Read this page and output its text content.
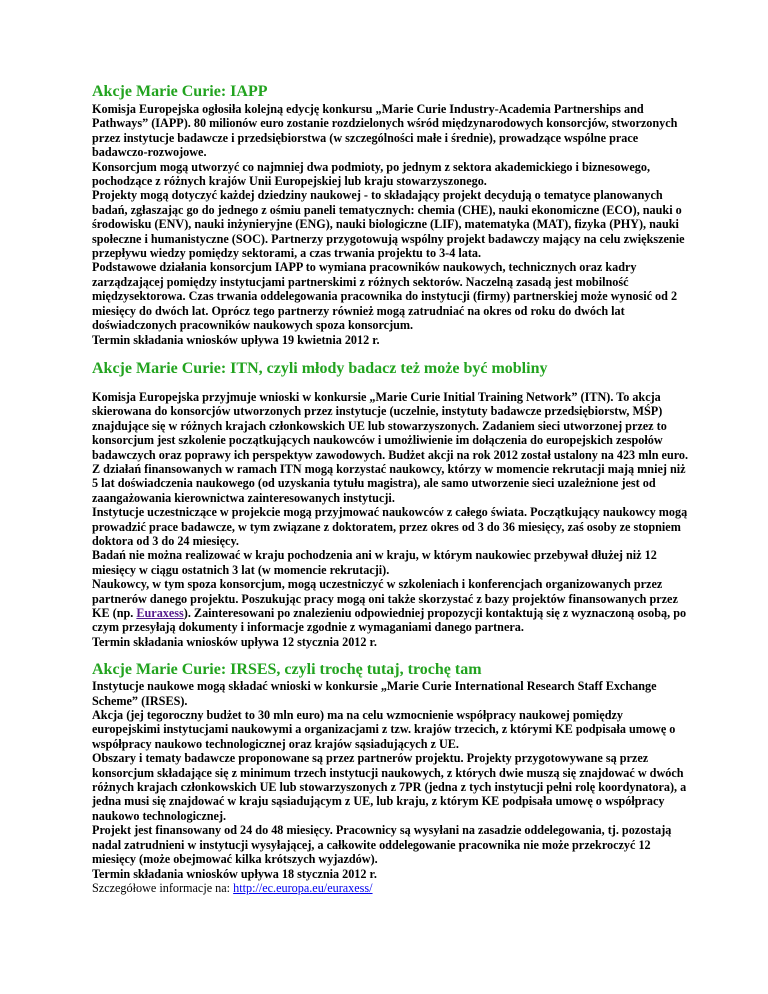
Akcje Marie Curie: IAPP

Komisja Europejska ogłosiła kolejną edycję konkursu „Marie Curie Industry-Academia Partnerships and Pathways” (IAPP). 80 milionów euro zostanie rozdzielonych wśród międzynarodowych konsorcjów, stworzonych przez instytucje badawcze i przedsiębiorstwa (w szczególności małe i średnie), prowadzące wspólne prace badawczo-rozwojowe.

Konsorcjum mogą utworzyć co najmniej dwa podmioty, po jednym z sektora akademickiego i biznesowego, pochodzące z różnych krajów Unii Europejskiej lub kraju stowarzyszonego.

Projekty mogą dotyczyć każdej dziedziny naukowej - to składający projekt decydują o tematyce planowanych badań, zgłaszając go do jednego z ośmiu paneli tematycznych: chemia (CHE), nauki ekonomiczne (ECO), nauki o środowisku (ENV), nauki inżynieryjne (ENG), nauki biologiczne (LIF), matematyka (MAT), fizyka (PHY), nauki społeczne i humanistyczne (SOC). Partnerzy przygotowują wspólny projekt badawczy mający na celu zwiększenie przepływu wiedzy pomiędzy sektorami, a czas trwania projektu to 3-4 lata.

Podstawowe działania konsorcjum IAPP to wymiana pracowników naukowych, technicznych oraz kadry zarządzającej pomiędzy instytucjami partnerskimi z różnych sektorów. Naczelną zasadą jest mobilność międzysektorowa. Czas trwania oddelegowania pracownika do instytucji (firmy) partnerskiej może wynosić od 2 miesięcy do dwóch lat. Oprócz tego partnerzy również mogą zatrudniać na okres od roku do dwóch lat doświadczonych pracowników naukowych spoza konsorcjum.

Termin składania wniosków upływa 19 kwietnia 2012 r.

Akcje Marie Curie: ITN, czyli młody badacz też może być mobliny

Komisja Europejska przyjmuje wnioski w konkursie „Marie Curie Initial Training Network” (ITN). To akcja skierowana do konsorcjów utworzonych przez instytucje (uczelnie, instytuty badawcze przedsiębiorstw, MŚP) znajdujące się w różnych krajach członkowskich UE lub stowarzyszonych. Zadaniem sieci utworzonej przez to konsorcjum jest szkolenie początkujących naukowców i umożliwienie im dołączenia do europejskich zespołów badawczych oraz poprawy ich perspektyw zawodowych. Budżet akcji na rok 2012 został ustalony na 423 mln euro.

Z działań finansowanych w ramach ITN mogą korzystać naukowcy, którzy w momencie rekrutacji mają mniej niż 5 lat doświadczenia naukowego (od uzyskania tytułu magistra), ale samo utworzenie sieci uzależnione jest od zaangażowania kierownictwa zainteresowanych instytucji.

Instytucje uczestniczące w projekcie mogą przyjmować naukowców z całego świata. Początkujący naukowcy mogą prowadzić prace badawcze, w tym związane z doktoratem, przez okres od 3 do 36 miesięcy, zaś osoby ze stopniem doktora od 3 do 24 miesięcy.

Badań nie można realizować w kraju pochodzenia ani w kraju, w którym naukowiec przebywał dłużej niż 12 miesięcy w ciągu ostatnich 3 lat (w momencie rekrutacji).

Naukowcy, w tym spoza konsorcjum, mogą uczestniczyć w szkoleniach i konferencjach organizowanych przez partnerów danego projektu. Poszukując pracy mogą oni także skorzystać z bazy projektów finansowanych przez KE (np. Euraxess). Zainteresowani po znalezieniu odpowiedniej propozycji kontaktują się z wyznaczoną osobą, po czym przesyłają dokumenty i informacje zgodnie z wymaganiami danego partnera.

Termin składania wniosków upływa 12 stycznia 2012 r.

Akcje Marie Curie: IRSES, czyli trochę tutaj, trochę tam

Instytucje naukowe mogą składać wnioski w konkursie „Marie Curie International Research Staff Exchange Scheme” (IRSES).

Akcja (jej tegoroczny budżet to 30 mln euro) ma na celu wzmocnienie współpracy naukowej pomiędzy europejskimi instytucjami naukowymi a organizacjami z tzw. krajów trzecich, z którymi KE podpisała umowę o współpracy naukowo technologicznej oraz krajów sąsiadujących z UE.

Obszary i tematy badawcze proponowane są przez partnerów projektu. Projekty przygotowywane są przez konsorcjum składające się z minimum trzech instytucji naukowych, z których dwie muszą się znajdować w dwóch różnych krajach członkowskich UE lub stowarzyszonych z 7PR (jedna z tych instytucji pełni rolę koordynatora), a jedna musi się znajdować w kraju sąsiadującym z UE, lub kraju, z którym KE podpisała umowę o współpracy naukowo technologicznej.

Projekt jest finansowany od 24 do 48 miesięcy. Pracownicy są wysyłani na zasadzie oddelegowania, tj. pozostają nadal zatrudnieni w instytucji wysyłającej, a całkowite oddelegowanie pracownika nie może przekroczyć 12 miesięcy (może obejmować kilka krótszych wyjazdów).

Termin składania wniosków upływa 18 stycznia 2012 r.

Szczegółowe informacje na: http://ec.europa.eu/euraxess/
